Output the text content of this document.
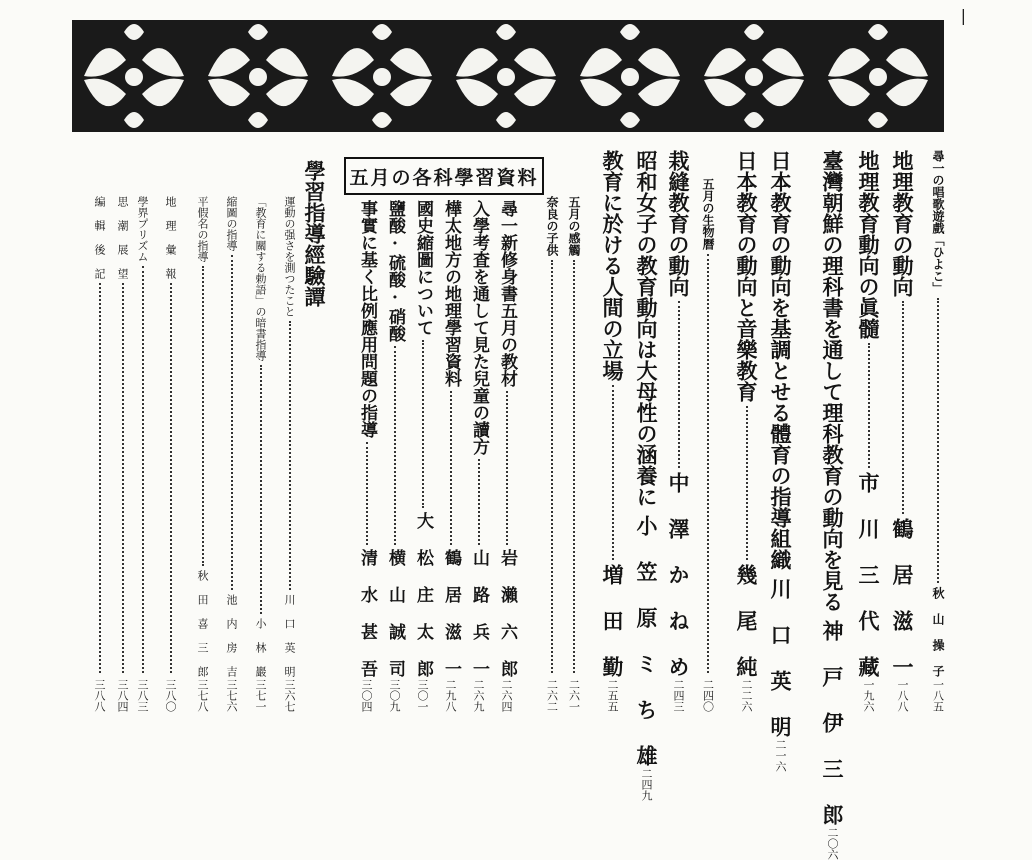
|
五月の各科學習資料
學習指導經驗譚	尋一の唱歌遊戲「ひよこ」
秋 山 操 子
一八五
地理教育の動向
鶴 居 滋 一
一八八
地理教育動向の眞髓
市 川 三 代 藏
一九六
臺灣朝鮮の理科書を通して理科教育の動向を見る
神 戸 伊 三 郎
二〇六
日本教育の動向を基調とせる體育の指導組織
川 口 英 明
二一六
日本教育の動向と音樂教育
幾 尾 純
二二六
五月の生物曆
二四〇
栽縫教育の動向
中 澤 か ね め
二四三
昭和女子の教育動向は大母性の涵養に
小 笠 原 ミ ち 雄
二四九
教育に於ける人間の立場
増 田 勤
二五五
五月の感觸
二六一
奈良の子供
二六二
尋一新修身書五月の教材
岩 瀨 六 郎
二六四
入學考査を通して見た兒童の讀方
山 路 兵 一
二六九
樺太地方の地理學習資料
鶴 居 滋 一
二九八
國史縮圖について
大 松 庄 太 郎
三〇一
鹽酸·硫酸·硝酸
横 山 誠 司
三〇九
事實に基く比例應用問題の指導
清 水 甚 吾
三〇四
運動の强さを測つたこと
川 口 英 明
三六七
「教育に關する勅語」の暗書指導
小 林 巖
三七一
縮圖の指導
池 内 房 吉
三七六
平假名の指導
秋 田 喜 三 郎
三七八
地 理 彙 報
三八〇
學界プリズム
三八三
思 潮 展 望
三八四
編 輯 後 記
三八八
